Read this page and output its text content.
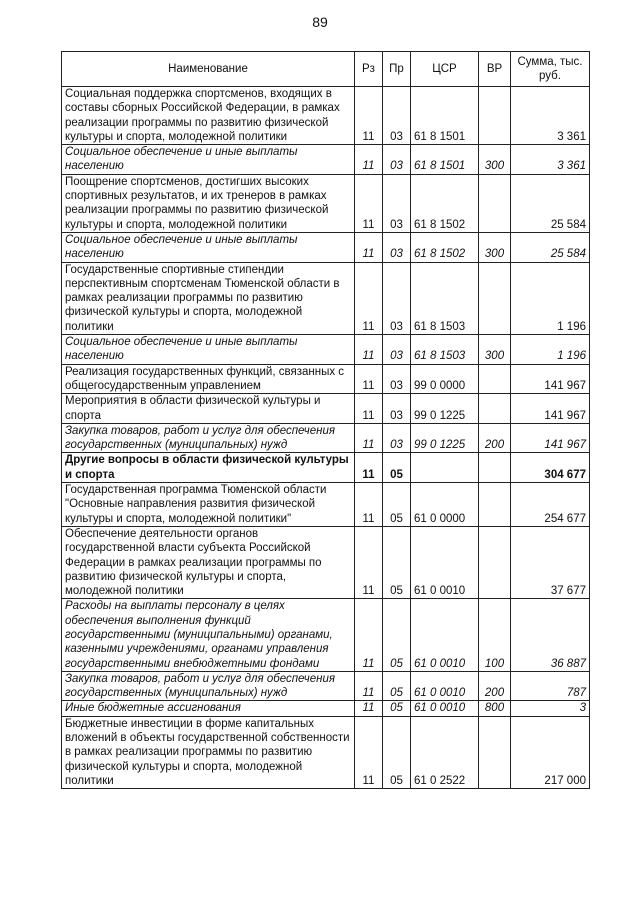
89
Наименование	Рз	Пр	ЦСР	ВР	Сумма, тыс. руб.
Социальная поддержка спортсменов, входящих в составы сборных Российской Федерации, в рамках реализации программы по развитию физической культуры и спорта, молодежной политики	11	03	61 8 1501		3 361
Социальное обеспечение и иные выплаты населению	11	03	61 8 1501	300	3 361
Поощрение спортсменов, достигших высоких спортивных результатов, и их тренеров в рамках реализации программы по развитию физической культуры и спорта, молодежной политики	11	03	61 8 1502		25 584
Социальное обеспечение и иные выплаты населению	11	03	61 8 1502	300	25 584
Государственные спортивные стипендии перспективным спортсменам Тюменской области в рамках реализации программы по развитию физической культуры и спорта, молодежной политики	11	03	61 8 1503		1 196
Социальное обеспечение и иные выплаты населению	11	03	61 8 1503	300	1 196
Реализация государственных функций, связанных с общегосударственным управлением	11	03	99 0 0000		141 967
Мероприятия в области физической культуры и спорта	11	03	99 0 1225		141 967
Закупка товаров, работ и услуг для обеспечения государственных (муниципальных) нужд	11	03	99 0 1225	200	141 967
Другие вопросы в области физической культуры и спорта	11	05			304 677
Государственная программа Тюменской области "Основные направления развития физической культуры и спорта, молодежной политики"	11	05	61 0 0000		254 677
Обеспечение деятельности органов государственной власти субъекта Российской Федерации в рамках реализации программы по развитию физической культуры и спорта, молодежной политики	11	05	61 0 0010		37 677
Расходы на выплаты персоналу в целях обеспечения выполнения функций государственными (муниципальными) органами, казенными учреждениями, органами управления государственными внебюджетными фондами	11	05	61 0 0010	100	36 887
Закупка товаров, работ и услуг для обеспечения государственных (муниципальных) нужд	11	05	61 0 0010	200	787
Иные бюджетные ассигнования	11	05	61 0 0010	800	3
Бюджетные инвестиции в форме капитальных вложений в объекты государственной собственности в рамках реализации программы по развитию физической культуры и спорта, молодежной политики	11	05	61 0 2522		217 000
